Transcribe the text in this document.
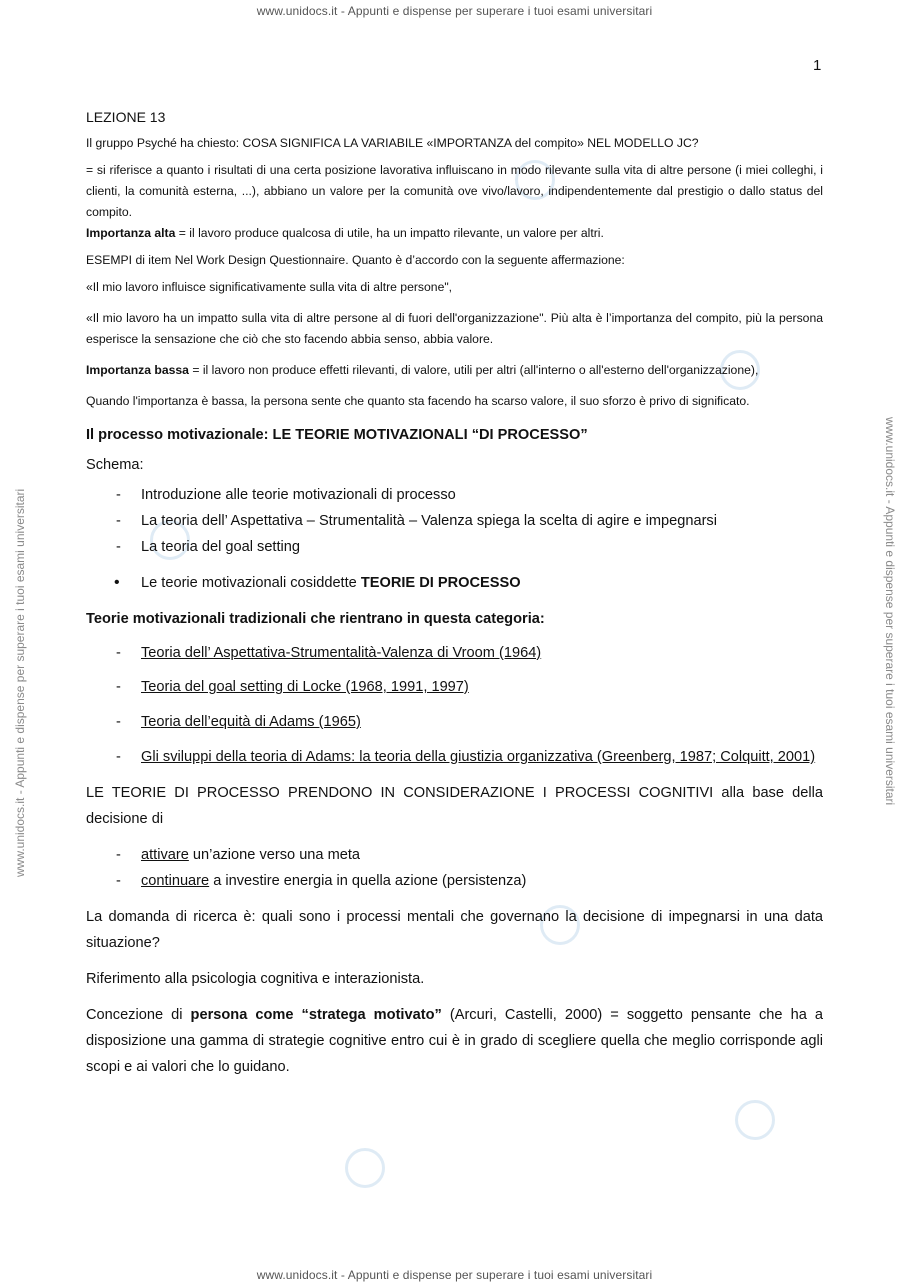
www.unidocs.it - Appunti e dispense per superare i tuoi esami universitari
www.unidocs.it - Appunti e dispense per superare i tuoi esami universitari
www.unidocs.it - Appunti e dispense per superare i tuoi esami universitari	www.unidocs.it - Appunti e dispense per superare i tuoi esami universitari
1

LEZIONE 13

Il gruppo Psyché ha chiesto: COSA SIGNIFICA LA VARIABILE «IMPORTANZA del compito» NEL MODELLO JC?

= si riferisce a quanto i risultati di una certa posizione lavorativa influiscano in modo rilevante sulla vita di altre persone (i miei colleghi, i clienti, la comunità esterna, ...), abbiano un valore per la comunità ove vivo/lavoro, indipendentemente dal prestigio o dallo status del compito.
Importanza alta = il lavoro produce qualcosa di utile, ha un impatto rilevante, un valore per altri.

ESEMPI di item Nel Work Design Questionnaire. Quanto è d’accordo con la seguente affermazione:

«Il mio lavoro influisce significativamente sulla vita di altre persone",

«Il mio lavoro ha un impatto sulla vita di altre persone al di fuori dell'organizzazione". Più alta è l’importanza del compito, più la persona esperisce la sensazione che ciò che sto facendo abbia senso, abbia valore.

Importanza bassa = il lavoro non produce effetti rilevanti, di valore, utili per altri (all'interno o all'esterno dell'organizzazione),

Quando l'importanza è bassa, la persona sente che quanto sta facendo ha scarso valore, il suo sforzo è privo di significato.

Il processo motivazionale: LE TEORIE MOTIVAZIONALI “DI PROCESSO”

Schema:

- Introduzione alle teorie motivazionali di processo
- La teoria dell’ Aspettativa – Strumentalità – Valenza spiega la scelta di agire e impegnarsi
- La teoria del goal setting
• Le teorie motivazionali cosiddette TEORIE DI PROCESSO

Teorie motivazionali tradizionali che rientrano in questa categoria:

- Teoria dell’ Aspettativa-Strumentalità-Valenza di Vroom (1964)
- Teoria del goal setting di Locke (1968, 1991, 1997)
- Teoria dell’equità di Adams (1965)
- Gli sviluppi della teoria di Adams: la teoria della giustizia organizzativa (Greenberg, 1987; Colquitt, 2001)

LE TEORIE DI PROCESSO PRENDONO IN CONSIDERAZIONE I PROCESSI COGNITIVI alla base della decisione di

- attivare un’azione verso una meta
- continuare a investire energia in quella azione (persistenza)

La domanda di ricerca è: quali sono i processi mentali che governano la decisione di impegnarsi in una data situazione?

Riferimento alla psicologia cognitiva e interazionista.

Concezione di persona come “stratega motivato” (Arcuri, Castelli, 2000) = soggetto pensante che ha a disposizione una gamma di strategie cognitive entro cui è in grado di scegliere quella che meglio corrisponde agli scopi e ai valori che lo guidano.
